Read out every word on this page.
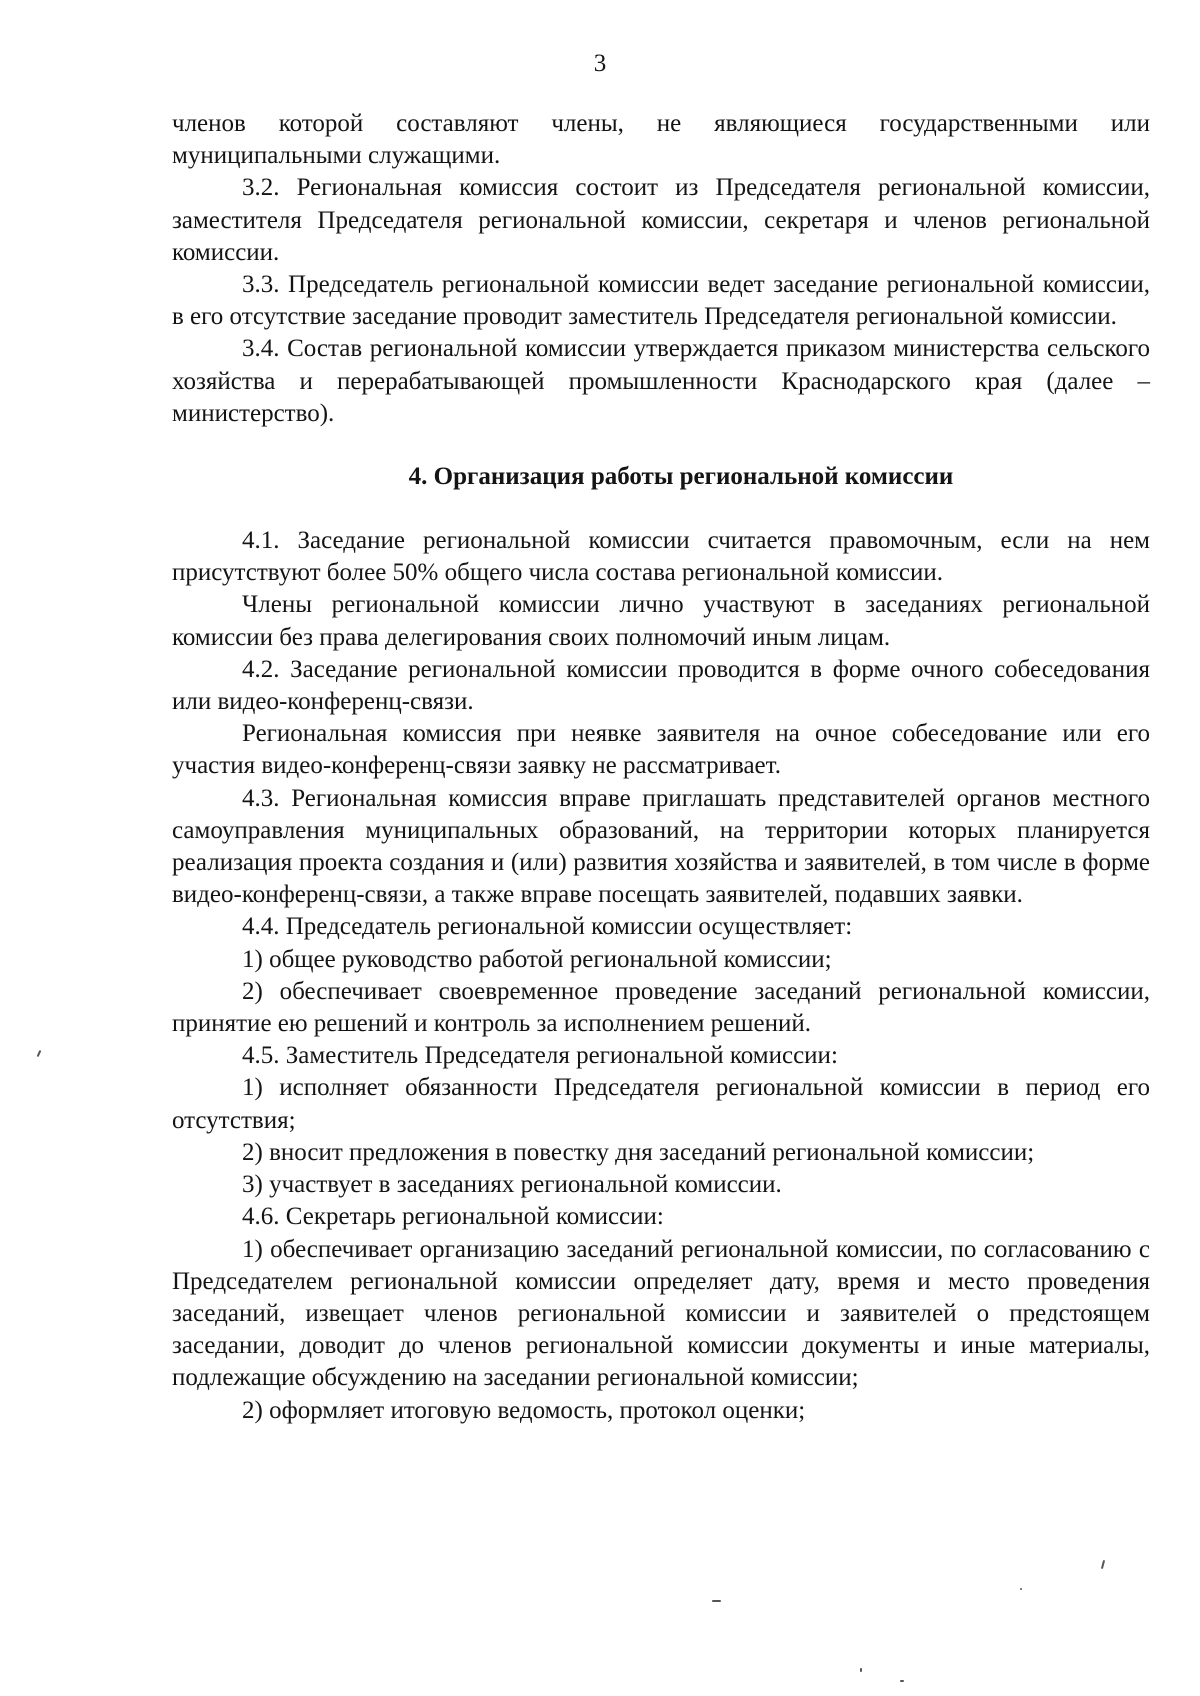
3

членов которой составляют члены, не являющиеся государственными или муниципальными служащими.

3.2. Региональная комиссия состоит из Председателя региональной комиссии, заместителя Председателя региональной комиссии, секретаря и членов региональной комиссии.

3.3. Председатель региональной комиссии ведет заседание региональной комиссии, в его отсутствие заседание проводит заместитель Председателя региональной комиссии.

3.4. Состав региональной комиссии утверждается приказом министерства сельского хозяйства и перерабатывающей промышленности Краснодарского края (далее – министерство).

4. Организация работы региональной комиссии

4.1. Заседание региональной комиссии считается правомочным, если на нем присутствуют более 50% общего числа состава региональной комиссии.

Члены региональной комиссии лично участвуют в заседаниях региональной комиссии без права делегирования своих полномочий иным лицам.

4.2. Заседание региональной комиссии проводится в форме очного собеседования или видео-конференц-связи.

Региональная комиссия при неявке заявителя на очное собеседование или его участия видео-конференц-связи заявку не рассматривает.

4.3. Региональная комиссия вправе приглашать представителей органов местного самоуправления муниципальных образований, на территории которых планируется реализация проекта создания и (или) развития хозяйства и заявителей, в том числе в форме видео-конференц-связи, а также вправе посещать заявителей, подавших заявки.

4.4. Председатель региональной комиссии осуществляет:

1) общее руководство работой региональной комиссии;

2) обеспечивает своевременное проведение заседаний региональной комиссии, принятие ею решений и контроль за исполнением решений.

4.5. Заместитель Председателя региональной комиссии:

1) исполняет обязанности Председателя региональной комиссии в период его отсутствия;

2) вносит предложения в повестку дня заседаний региональной комиссии;

3) участвует в заседаниях региональной комиссии.

4.6. Секретарь региональной комиссии:

1) обеспечивает организацию заседаний региональной комиссии, по согласованию с Председателем региональной комиссии определяет дату, время и место проведения заседаний, извещает членов региональной комиссии и заявителей о предстоящем заседании, доводит до членов региональной комиссии документы и иные материалы, подлежащие обсуждению на заседании региональной комиссии;

2) оформляет итоговую ведомость, протокол оценки;
